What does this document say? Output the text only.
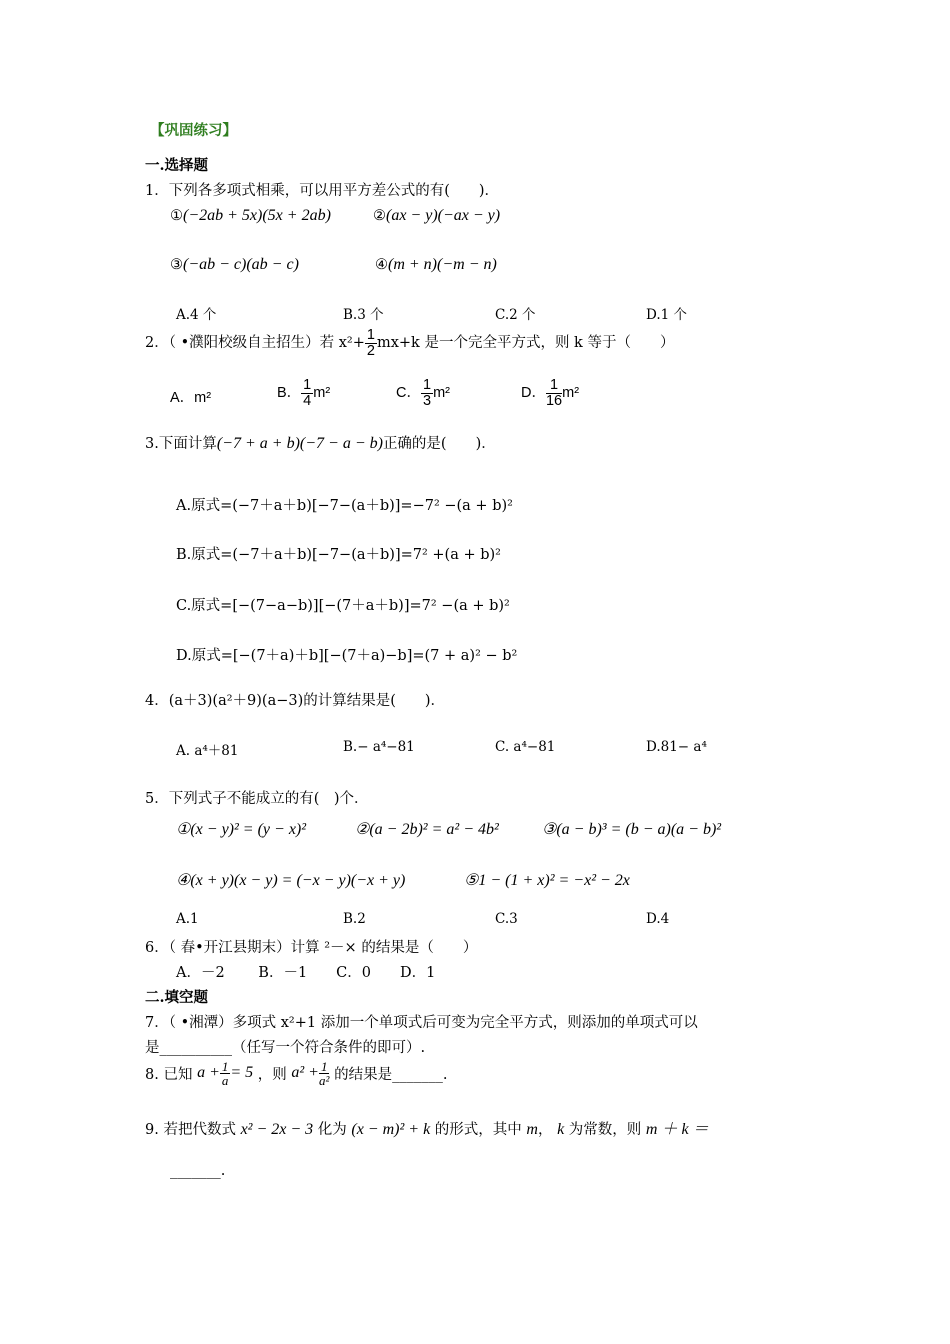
【巩固练习】
一.选择题
1．下列各多项式相乘，可以用平方差公式的有(　　)．
①(−2ab + 5x)(5x + 2ab)	②(ax − y)(−ax − y)
③(−ab − c)(ab − c)	④(m + n)(−m − n)
A.4 个	B.3 个	C.2 个	D.1 个
2．（ •濮阳校级自主招生）若 $x^2+ \frac{1}{2} mx+k$ 是一个完全平方式，则 k 等于（　　）
A．m²	B． $\frac{1}{4} m^2$	C． $\frac{1}{3} m^2$	D． $\frac{1}{16} m^2$
3.下面计算(−7 + a + b)(−7 − a − b)正确的是(　　)．
A.原式=(−7＋a＋b)[−7−(a＋b)]=−7² −(a + b)²
B.原式=(−7＋a＋b)[−7−(a＋b)]=7² +(a + b)²
C.原式=[−(7−a−b)][−(7＋a＋b)]=7² −(a + b)²
D.原式=[−(7＋a)＋b][−(7＋a)−b]=(7 + a)² − b²
4．(a＋3)(a²＋9)(a−3)的计算结果是(　　)．
A. a⁴＋81	B.− a⁴−81	C. a⁴−81	D.81− a⁴
5．下列式子不能成立的有(　)个．
①(x − y)² = (y − x)²	②(a − 2b)² = a² − 4b²	③(a − b)³ = (b − a)(a − b)²
④(x + y)(x − y) = (−x − y)(−x + y)	⑤1 − (1 + x)² = −x² − 2x
A.1	B.2	C.3	D.4
6．（ 春•开江县期末）计算 ²－× 的结果是（　　）
A．－2　　 B．－1　　C．0　　D．1
二.填空题
7．（ •湘潭）多项式 x²+1 添加一个单项式后可变为完全平方式，则添加的单项式可以
是__________（任写一个符合条件的即可）.
8. 已知 $a + \frac{1}{a} = 5$ ，则 $a^2 + \frac{1}{\text{a²}}$ 的结果是_______.
9. 若把代数式 x² − 2x − 3 化为 (x − m)² + k 的形式，其中 m， k 为常数，则 m ＋ k ＝
_______.
